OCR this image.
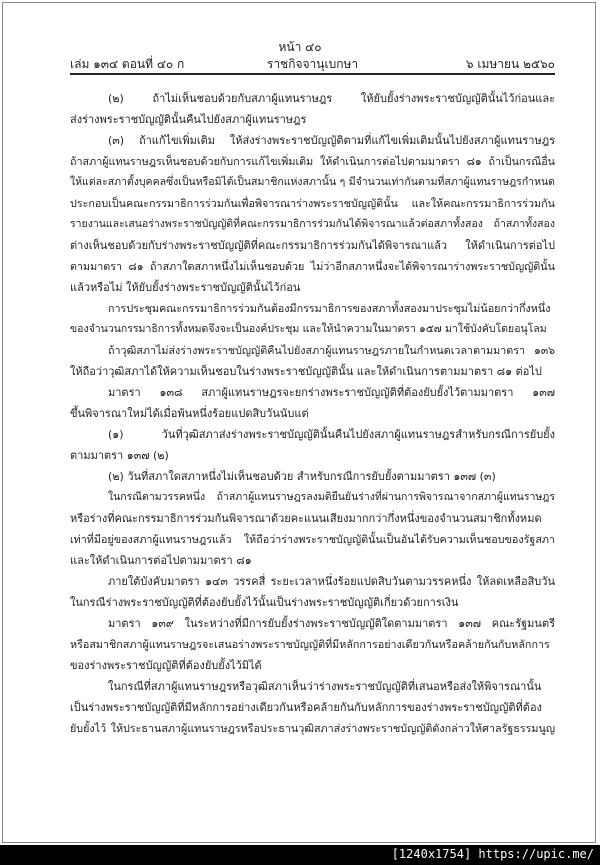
หน้า ๔๐
เล่ม ๑๓๔ ตอนที่ ๔๐ ก	ราชกิจจานุเบกษา	๖ เมษายน ๒๕๖๐
(๒) ถ้าไม่เห็นชอบด้วยกับสภาผู้แทนราษฎร ให้ยับยั้งร่างพระราชบัญญัตินั้นไว้ก่อนและ
ส่งร่างพระราชบัญญัตินั้นคืนไปยังสภาผู้แทนราษฎร
(๓) ถ้าแก้ไขเพิ่มเติม ให้ส่งร่างพระราชบัญญัติตามที่แก้ไขเพิ่มเติมนั้นไปยังสภาผู้แทนราษฎร
ถ้าสภาผู้แทนราษฎรเห็นชอบด้วยกับการแก้ไขเพิ่มเติม ให้ดำเนินการต่อไปตามมาตรา ๘๑ ถ้าเป็นกรณีอื่น
ให้แต่ละสภาตั้งบุคคลซึ่งเป็นหรือมิได้เป็นสมาชิกแห่งสภานั้น ๆ มีจำนวนเท่ากันตามที่สภาผู้แทนราษฎรกำหนด
ประกอบเป็นคณะกรรมาธิการร่วมกันเพื่อพิจารณาร่างพระราชบัญญัตินั้น และให้คณะกรรมาธิการร่วมกัน
รายงานและเสนอร่างพระราชบัญญัติที่คณะกรรมาธิการร่วมกันได้พิจารณาแล้วต่อสภาทั้งสอง ถ้าสภาทั้งสอง
ต่างเห็นชอบด้วยกับร่างพระราชบัญญัติที่คณะกรรมาธิการร่วมกันได้พิจารณาแล้ว ให้ดำเนินการต่อไป
ตามมาตรา ๘๑ ถ้าสภาใดสภาหนึ่งไม่เห็นชอบด้วย ไม่ว่าอีกสภาหนึ่งจะได้พิจารณาร่างพระราชบัญญัตินั้น
แล้วหรือไม่ ให้ยับยั้งร่างพระราชบัญญัตินั้นไว้ก่อน
การประชุมคณะกรรมาธิการร่วมกันต้องมีกรรมาธิการของสภาทั้งสองมาประชุมไม่น้อยกว่ากึ่งหนึ่ง
ของจำนวนกรรมาธิการทั้งหมดจึงจะเป็นองค์ประชุม และให้นำความในมาตรา ๑๕๗ มาใช้บังคับโดยอนุโลม
ถ้าวุฒิสภาไม่ส่งร่างพระราชบัญญัติคืนไปยังสภาผู้แทนราษฎรภายในกำหนดเวลาตามมาตรา ๑๓๖
ให้ถือว่าวุฒิสภาได้ให้ความเห็นชอบในร่างพระราชบัญญัตินั้น และให้ดำเนินการตามมาตรา ๘๑ ต่อไป
มาตรา ๑๓๘ สภาผู้แทนราษฎรจะยกร่างพระราชบัญญัติที่ต้องยับยั้งไว้ตามมาตรา ๑๓๗
ขึ้นพิจารณาใหม่ได้เมื่อพ้นหนึ่งร้อยแปดสิบวันนับแต่
(๑) วันที่วุฒิสภาส่งร่างพระราชบัญญัตินั้นคืนไปยังสภาผู้แทนราษฎรสำหรับกรณีการยับยั้ง
ตามมาตรา ๑๓๗ (๒)
(๒) วันที่สภาใดสภาหนึ่งไม่เห็นชอบด้วย สำหรับกรณีการยับยั้งตามมาตรา ๑๓๗ (๓)
ในกรณีตามวรรคหนึ่ง ถ้าสภาผู้แทนราษฎรลงมติยืนยันร่างที่ผ่านการพิจารณาจากสภาผู้แทนราษฎร
หรือร่างที่คณะกรรมาธิการร่วมกันพิจารณาด้วยคะแนนเสียงมากกว่ากึ่งหนึ่งของจำนวนสมาชิกทั้งหมด
เท่าที่มีอยู่ของสภาผู้แทนราษฎรแล้ว ให้ถือว่าร่างพระราชบัญญัตินั้นเป็นอันได้รับความเห็นชอบของรัฐสภา
และให้ดำเนินการต่อไปตามมาตรา ๘๑
ภายใต้บังคับมาตรา ๑๔๓ วรรคสี่ ระยะเวลาหนึ่งร้อยแปดสิบวันตามวรรคหนึ่ง ให้ลดเหลือสิบวัน
ในกรณีร่างพระราชบัญญัติที่ต้องยับยั้งไว้นั้นเป็นร่างพระราชบัญญัติเกี่ยวด้วยการเงิน
มาตรา ๑๓๙ ในระหว่างที่มีการยับยั้งร่างพระราชบัญญัติใดตามมาตรา ๑๓๗ คณะรัฐมนตรี
หรือสมาชิกสภาผู้แทนราษฎรจะเสนอร่างพระราชบัญญัติที่มีหลักการอย่างเดียวกันหรือคล้ายกันกับหลักการ
ของร่างพระราชบัญญัติที่ต้องยับยั้งไว้มิได้
ในกรณีที่สภาผู้แทนราษฎรหรือวุฒิสภาเห็นว่าร่างพระราชบัญญัติที่เสนอหรือส่งให้พิจารณานั้น
เป็นร่างพระราชบัญญัติที่มีหลักการอย่างเดียวกันหรือคล้ายกันกับหลักการของร่างพระราชบัญญัติที่ต้อง
ยับยั้งไว้ ให้ประธานสภาผู้แทนราษฎรหรือประธานวุฒิสภาส่งร่างพระราชบัญญัติดังกล่าวให้ศาลรัฐธรรมนูญ
[1240x1754] https://upic.me/
